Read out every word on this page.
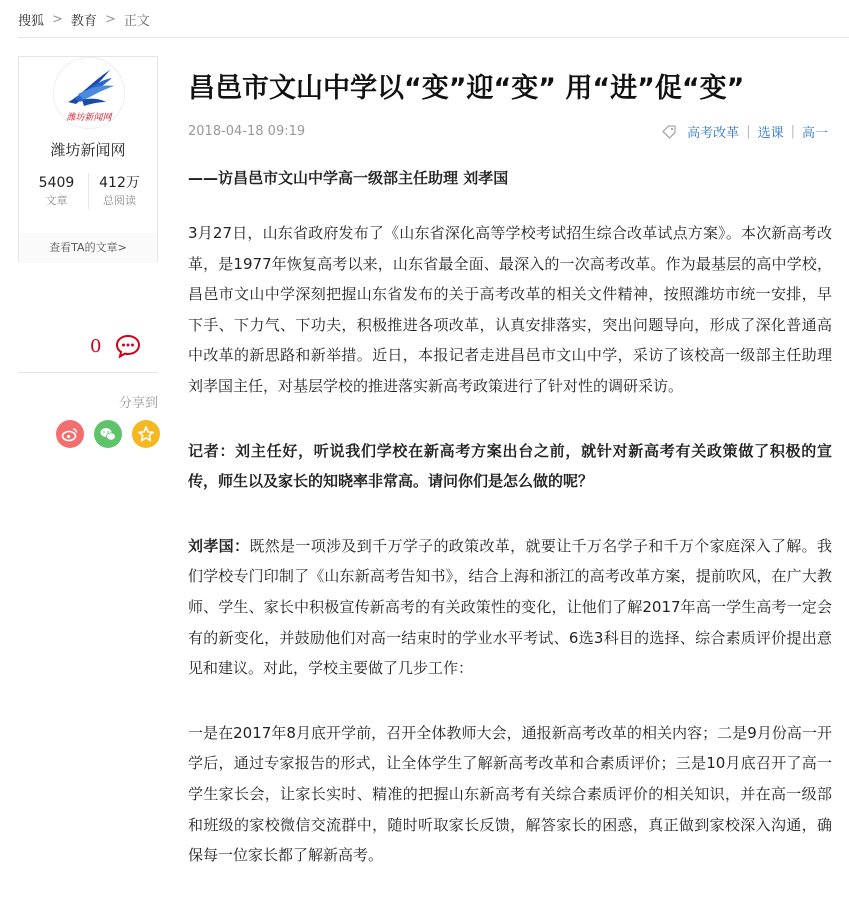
搜狐 > 教育 > 正文
潍坊新闻网
潍坊新闻网
5409
文章
412万
总阅读
查看TA的文章>
0
分享到
昌邑市文山中学以“变”迎“变” 用“进”促“变”
2018-04-18 09:19	高考改革 | 选课 | 高一

——访昌邑市文山中学高一级部主任助理 刘孝国

3月27日，山东省政府发布了《山东省深化高等学校考试招生综合改革试点方案》。本次新高考改革，是1977年恢复高考以来，山东省最全面、最深入的一次高考改革。作为最基层的高中学校，昌邑市文山中学深刻把握山东省发布的关于高考改革的相关文件精神，按照潍坊市统一安排，早下手、下力气、下功夫，积极推进各项改革，认真安排落实，突出问题导向，形成了深化普通高中改革的新思路和新举措。近日，本报记者走进昌邑市文山中学，采访了该校高一级部主任助理刘孝国主任，对基层学校的推进落实新高考政策进行了针对性的调研采访。

记者：刘主任好，听说我们学校在新高考方案出台之前，就针对新高考有关政策做了积极的宣传，师生以及家长的知晓率非常高。请问你们是怎么做的呢？

刘孝国：既然是一项涉及到千万学子的政策改革，就要让千万名学子和千万个家庭深入了解。我们学校专门印制了《山东新高考告知书》，结合上海和浙江的高考改革方案，提前吹风，在广大教师、学生、家长中积极宣传新高考的有关政策性的变化，让他们了解2017年高一学生高考一定会有的新变化，并鼓励他们对高一结束时的学业水平考试、6选3科目的选择、综合素质评价提出意见和建议。对此，学校主要做了几步工作：

一是在2017年8月底开学前，召开全体教师大会，通报新高考改革的相关内容；二是9月份高一开学后，通过专家报告的形式，让全体学生了解新高考改革和合素质评价；三是10月底召开了高一学生家长会，让家长实时、精准的把握山东新高考有关综合素质评价的相关知识，并在高一级部和班级的家校微信交流群中，随时听取家长反馈，解答家长的困惑，真正做到家校深入沟通，确保每一位家长都了解新高考。
